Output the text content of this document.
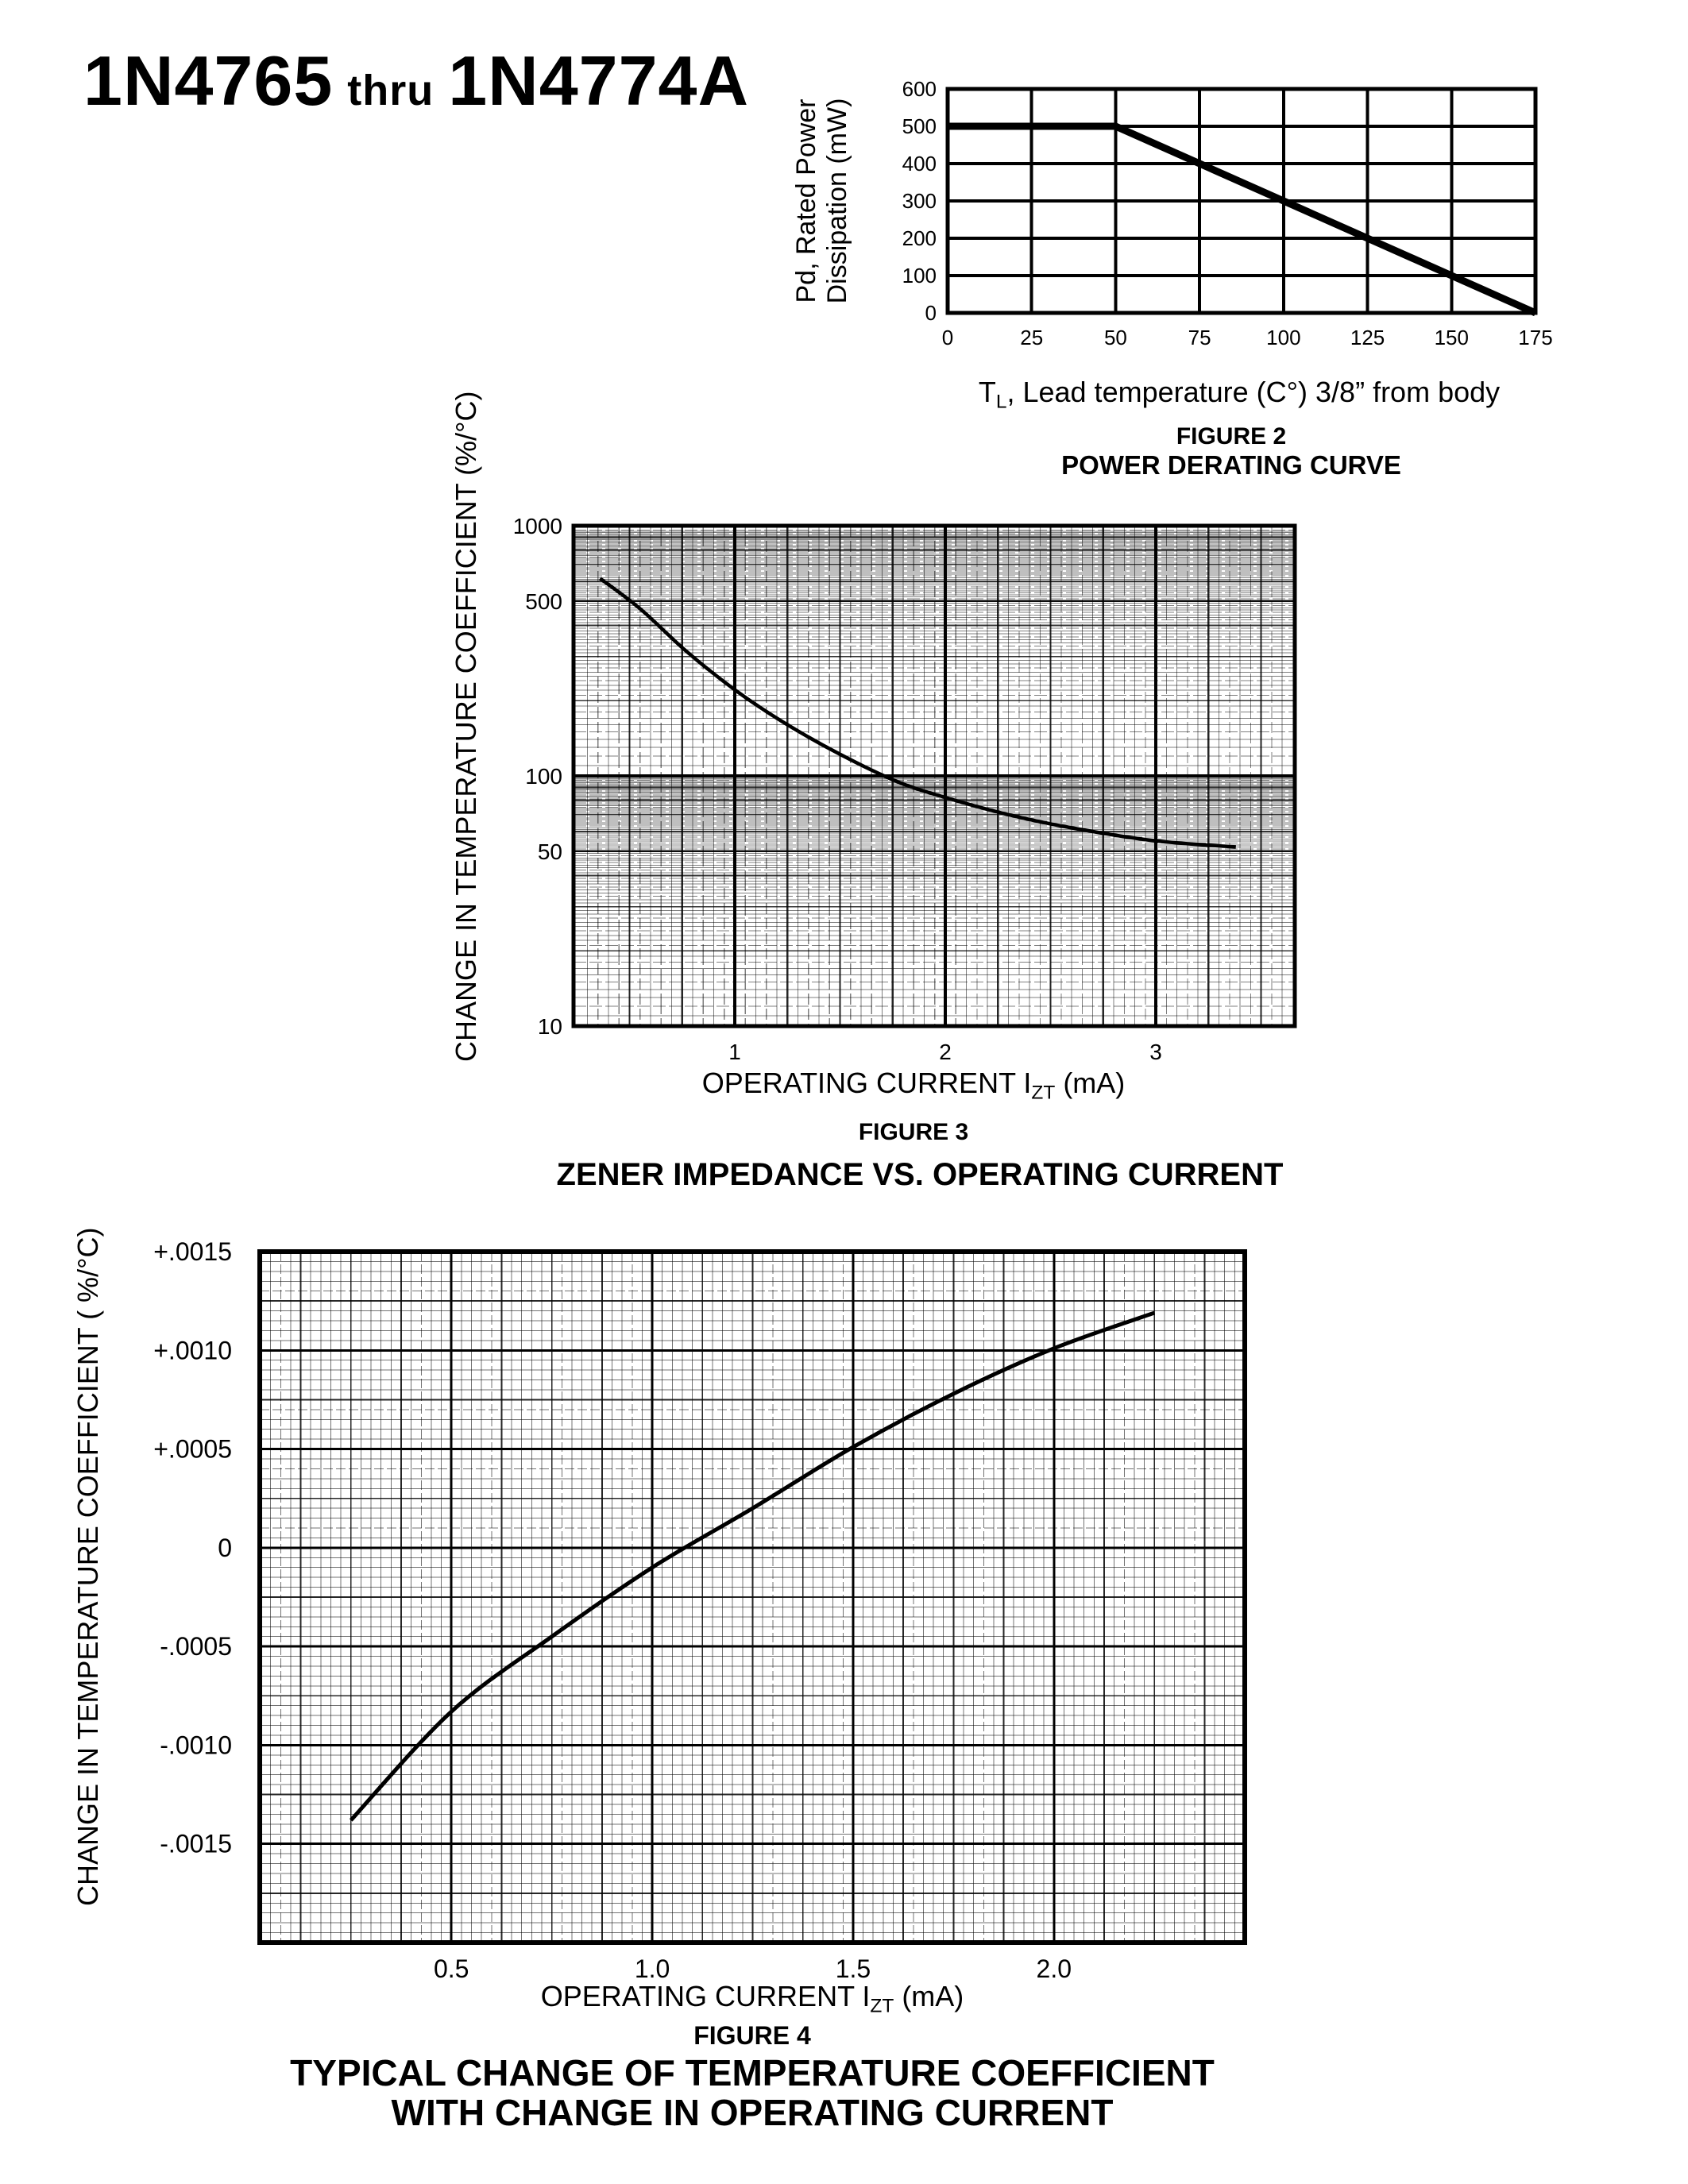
1N4765 thru 1N4774A
Pd, Rated Power Dissipation (mW)
0	25	50	75	100 125 150 175
0
100
200
300
400
500
600
$T_L$, Lead temperature (C°) 3/8” from body
FIGURE 2
POWER DERATING CURVE
CHANGE IN TEMPERATURE COEFFICIENT (%/°C)	1	2	3
10
50
100
500
1000
OPERATING CURRENT $I_{ZT}$ (mA)
FIGURE 3
ZENER IMPEDANCE VS. OPERATING CURRENT
CHANGE IN TEMPERATURE COEFFICIENT ( %/°C)
0.5	1.0	1.5	2.0
+.0015
+.0010
+.0005
0
-.0005
-.0010
-.0015
OPERATING CURRENT $I_{ZT}$ (mA)
FIGURE 4
TYPICAL CHANGE OF TEMPERATURE COEFFICIENT
WITH CHANGE IN OPERATING CURRENT
